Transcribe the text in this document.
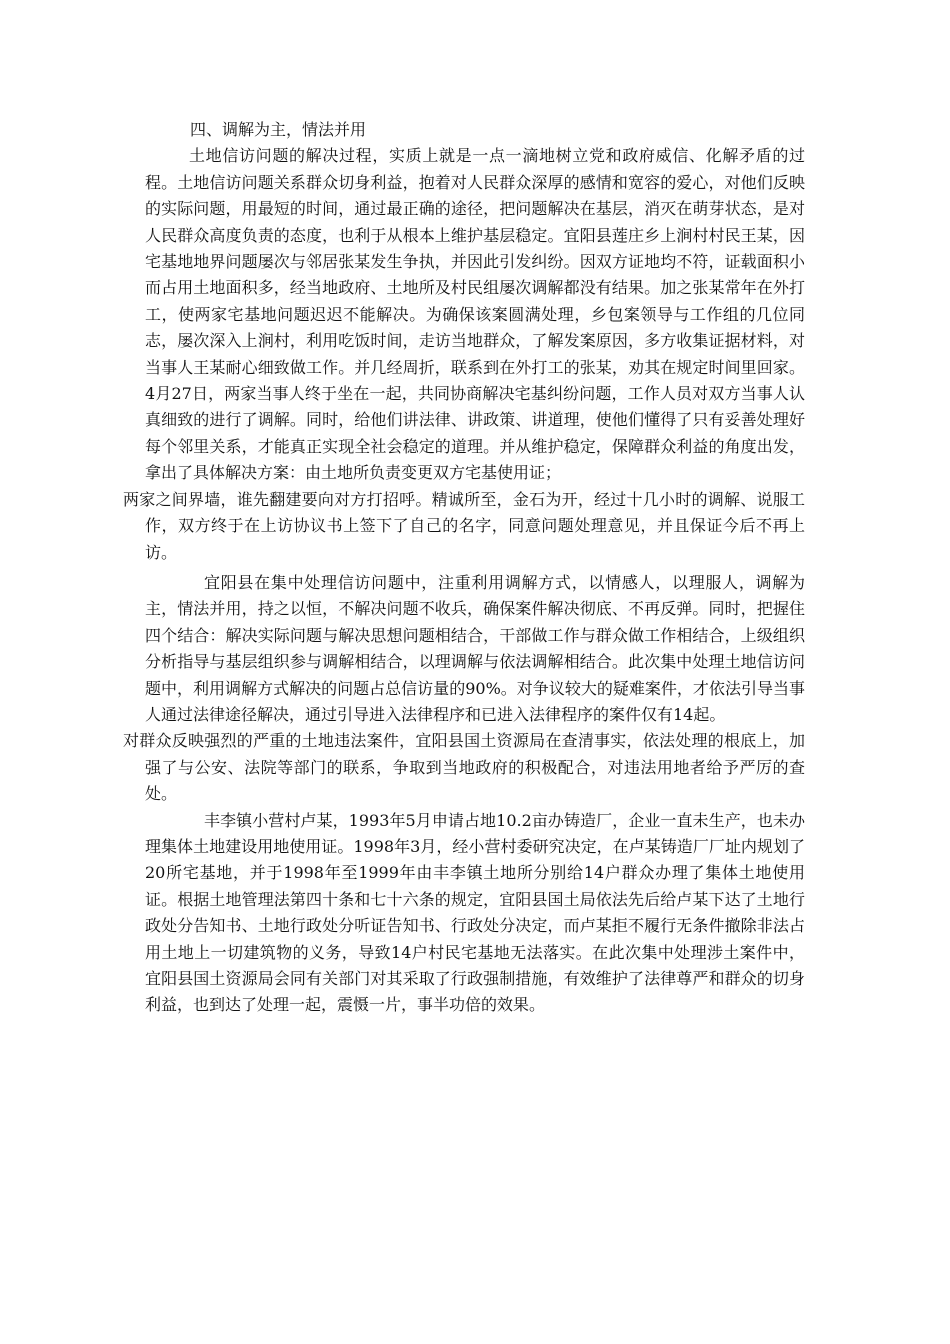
四、调解为主，情法并用

土地信访问题的解决过程，实质上就是一点一滴地树立党和政府威信、化解矛盾的过程。土地信访问题关系群众切身利益，抱着对人民群众深厚的感情和宽容的爱心，对他们反映的实际问题，用最短的时间，通过最正确的途径，把问题解决在基层，消灭在萌芽状态，是对人民群众高度负责的态度，也利于从根本上维护基层稳定。宜阳县莲庄乡上涧村村民王某，因宅基地地界问题屡次与邻居张某发生争执，并因此引发纠纷。因双方证地均不符，证载面积小而占用土地面积多，经当地政府、土地所及村民组屡次调解都没有结果。加之张某常年在外打工，使两家宅基地问题迟迟不能解决。为确保该案圆满处理，乡包案领导与工作组的几位同志，屡次深入上涧村，利用吃饭时间，走访当地群众，了解发案原因，多方收集证据材料，对当事人王某耐心细致做工作。并几经周折，联系到在外打工的张某，劝其在规定时间里回家。4月27日，两家当事人终于坐在一起，共同协商解决宅基纠纷问题，工作人员对双方当事人认真细致的进行了调解。同时，给他们讲法律、讲政策、讲道理，使他们懂得了只有妥善处理好每个邻里关系，才能真正实现全社会稳定的道理。并从维护稳定，保障群众利益的角度出发，拿出了具体解决方案：由土地所负责变更双方宅基使用证；

两家之间界墙，谁先翻建要向对方打招呼。精诚所至，金石为开，经过十几小时的调解、说服工作，双方终于在上访协议书上签下了自己的名字，同意问题处理意见，并且保证今后不再上访。

宜阳县在集中处理信访问题中，注重利用调解方式，以情感人，以理服人，调解为主，情法并用，持之以恒，不解决问题不收兵，确保案件解决彻底、不再反弹。同时，把握住四个结合：解决实际问题与解决思想问题相结合，干部做工作与群众做工作相结合，上级组织分析指导与基层组织参与调解相结合，以理调解与依法调解相结合。此次集中处理土地信访问题中，利用调解方式解决的问题占总信访量的90%。对争议较大的疑难案件，才依法引导当事人通过法律途径解决，通过引导进入法律程序和已进入法律程序的案件仅有14起。

对群众反映强烈的严重的土地违法案件，宜阳县国土资源局在查清事实，依法处理的根底上，加强了与公安、法院等部门的联系，争取到当地政府的积极配合，对违法用地者给予严厉的查处。

丰李镇小营村卢某，1993年5月申请占地10.2亩办铸造厂，企业一直未生产，也未办理集体土地建设用地使用证。1998年3月，经小营村委研究决定，在卢某铸造厂厂址内规划了20所宅基地，并于1998年至1999年由丰李镇土地所分别给14户群众办理了集体土地使用证。根据土地管理法第四十条和七十六条的规定，宜阳县国土局依法先后给卢某下达了土地行政处分告知书、土地行政处分听证告知书、行政处分决定，而卢某拒不履行无条件撤除非法占用土地上一切建筑物的义务，导致14户村民宅基地无法落实。在此次集中处理涉土案件中，宜阳县国土资源局会同有关部门对其采取了行政强制措施，有效维护了法律尊严和群众的切身利益，也到达了处理一起，震慑一片，事半功倍的效果。
